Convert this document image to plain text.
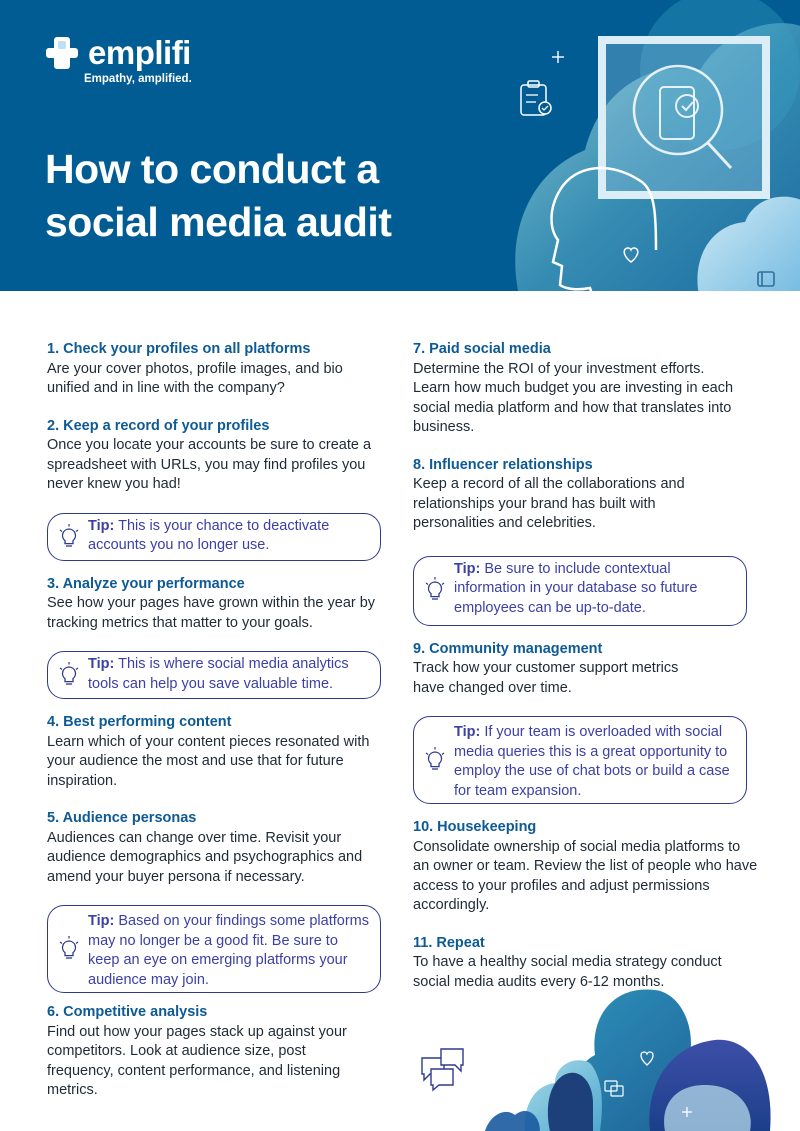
emplifi
Empathy, amplified.
How to conduct a
social media audit
1. Check your profiles on all platforms

Are your cover photos, profile images, and bio unified and in line with the company?

2. Keep a record of your profiles

Once you locate your accounts be sure to create a spreadsheet with URLs, you may find profiles you never knew you had!

Tip: This is your chance to deactivate accounts you no longer use.
3. Analyze your performance

See how your pages have grown within the year by tracking metrics that matter to your goals.

Tip: This is where social media analytics tools can help you save valuable time.
4. Best performing content

Learn which of your content pieces resonated with your audience the most and use that for future inspiration.

5. Audience personas

Audiences can change over time. Revisit your audience demographics and psychographics and amend your buyer persona if necessary.

Tip: Based on your findings some platforms may no longer be a good fit. Be sure to keep an eye on emerging platforms your audience may join.
6. Competitive analysis

Find out how your pages stack up against your competitors. Look at audience size, post frequency, content performance, and listening metrics.

7. Paid social media

Determine the ROI of your investment efforts. Learn how much budget you are investing in each social media platform and how that translates into business.

8. Influencer relationships

Keep a record of all the collaborations and relationships your brand has built with personalities and celebrities.

Tip: Be sure to include contextual information in your database so future employees can be up-to-date.
9. Community management

Track how your customer support metrics have changed over time.

Tip: If your team is overloaded with social media queries this is a great opportunity to employ the use of chat bots or build a case for team expansion.
10. Housekeeping

Consolidate ownership of social media platforms to an owner or team. Review the list of people who have access to your profiles and adjust permissions accordingly.

11. Repeat

To have a healthy social media strategy conduct social media audits every 6-12 months.
